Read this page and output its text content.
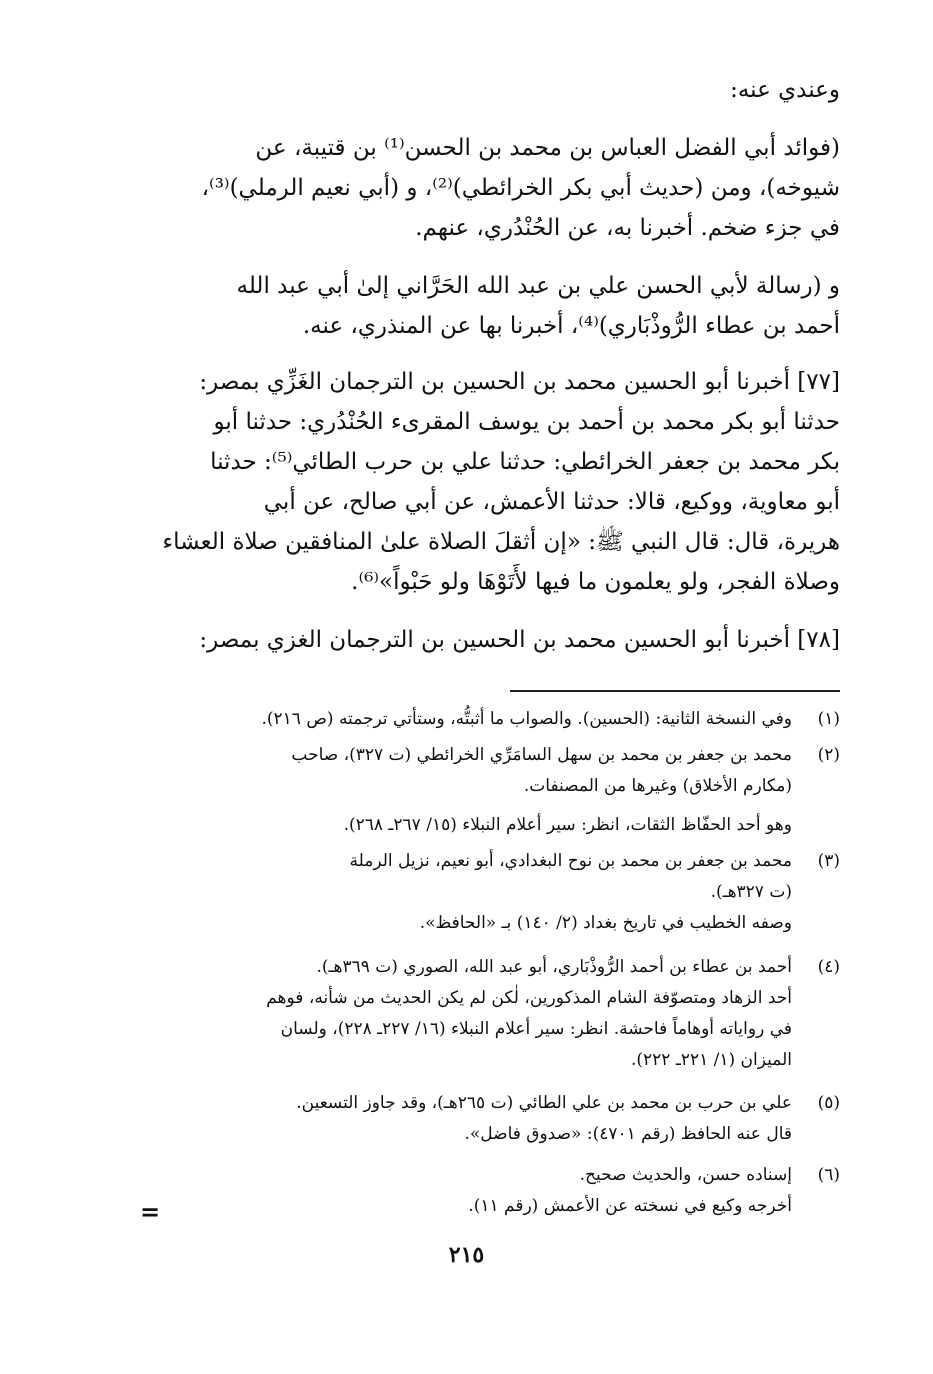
وعندي عنه:
(فوائد أبي الفضل العباس بن محمد بن الحسن⁽¹⁾ بن قتيبة، عن
شيوخه)، ومن (حديث أبي بكر الخرائطي)⁽²⁾، و (أبي نعيم الرملي)⁽³⁾،
في جزء ضخم. أخبرنا به، عن الحُنْدُري، عنهم.
و (رسالة لأبي الحسن علي بن عبد الله الحَرَّاني إلىٰ أبي عبد الله
أحمد بن عطاء الرُّوذْبَاري)⁽⁴⁾، أخبرنا بها عن المنذري، عنه.
[٧٧] أخبرنا أبو الحسين محمد بن الحسين بن الترجمان الغَزِّي بمصر:
حدثنا أبو بكر محمد بن أحمد بن يوسف المقرىء الحُنْدُري: حدثنا أبو
بكر محمد بن جعفر الخرائطي: حدثنا علي بن حرب الطائي⁽⁵⁾: حدثنا
أبو معاوية، ووكيع، قالا: حدثنا الأعمش، عن أبي صالح، عن أبي
هريرة، قال: قال النبي ﷺ: «إن أثقلَ الصلاة علىٰ المنافقين صلاة العشاء
وصلاة الفجر، ولو يعلمون ما فيها لأَتَوْهَا ولو حَبْواً»⁽⁶⁾.
[٧٨] أخبرنا أبو الحسين محمد بن الحسين بن الترجمان الغزي بمصر:
(١)
وفي النسخة الثانية: (الحسين). والصواب ما أثبتُّه، وستأتي ترجمته (ص ٢١٦).
(٢)
محمد بن جعفر بن محمد بن سهل السامَرِّي الخرائطي (ت ٣٢٧)، صاحب
(مكارم الأخلاق) وغيرها من المصنفات.
وهو أحد الحفّاظ الثقات، انظر: سير أعلام النبلاء (١٥/ ٢٦٧ـ ٢٦٨).
(٣)
محمد بن جعفر بن محمد بن نوح البغدادي، أبو نعيم، نزيل الرملة
(ت ٣٢٧هـ).
وصفه الخطيب في تاريخ بغداد (٢/ ١٤٠) بـ «الحافظ».
(٤)
أحمد بن عطاء بن أحمد الرُّوذْبَاري، أبو عبد الله، الصوري (ت ٣٦٩هـ).
أحد الزهاد ومتصوّفة الشام المذكورين، لٰكن لم يكن الحديث من شأنه، فوهم
في رواياته أوهاماً فاحشة. انظر: سير أعلام النبلاء (١٦/ ٢٢٧ـ ٢٢٨)، ولسان
الميزان (١/ ٢٢١ـ ٢٢٢).
(٥)
علي بن حرب بن محمد بن علي الطائي (ت ٢٦٥هـ)، وقد جاوز التسعين.
قال عنه الحافظ (رقم ٤٧٠١): «صدوق فاضل».
(٦)
إسناده حسن، والحديث صحيح.
أخرجه وكيع في نسخته عن الأعمش (رقم ١١).
=
٢١٥
